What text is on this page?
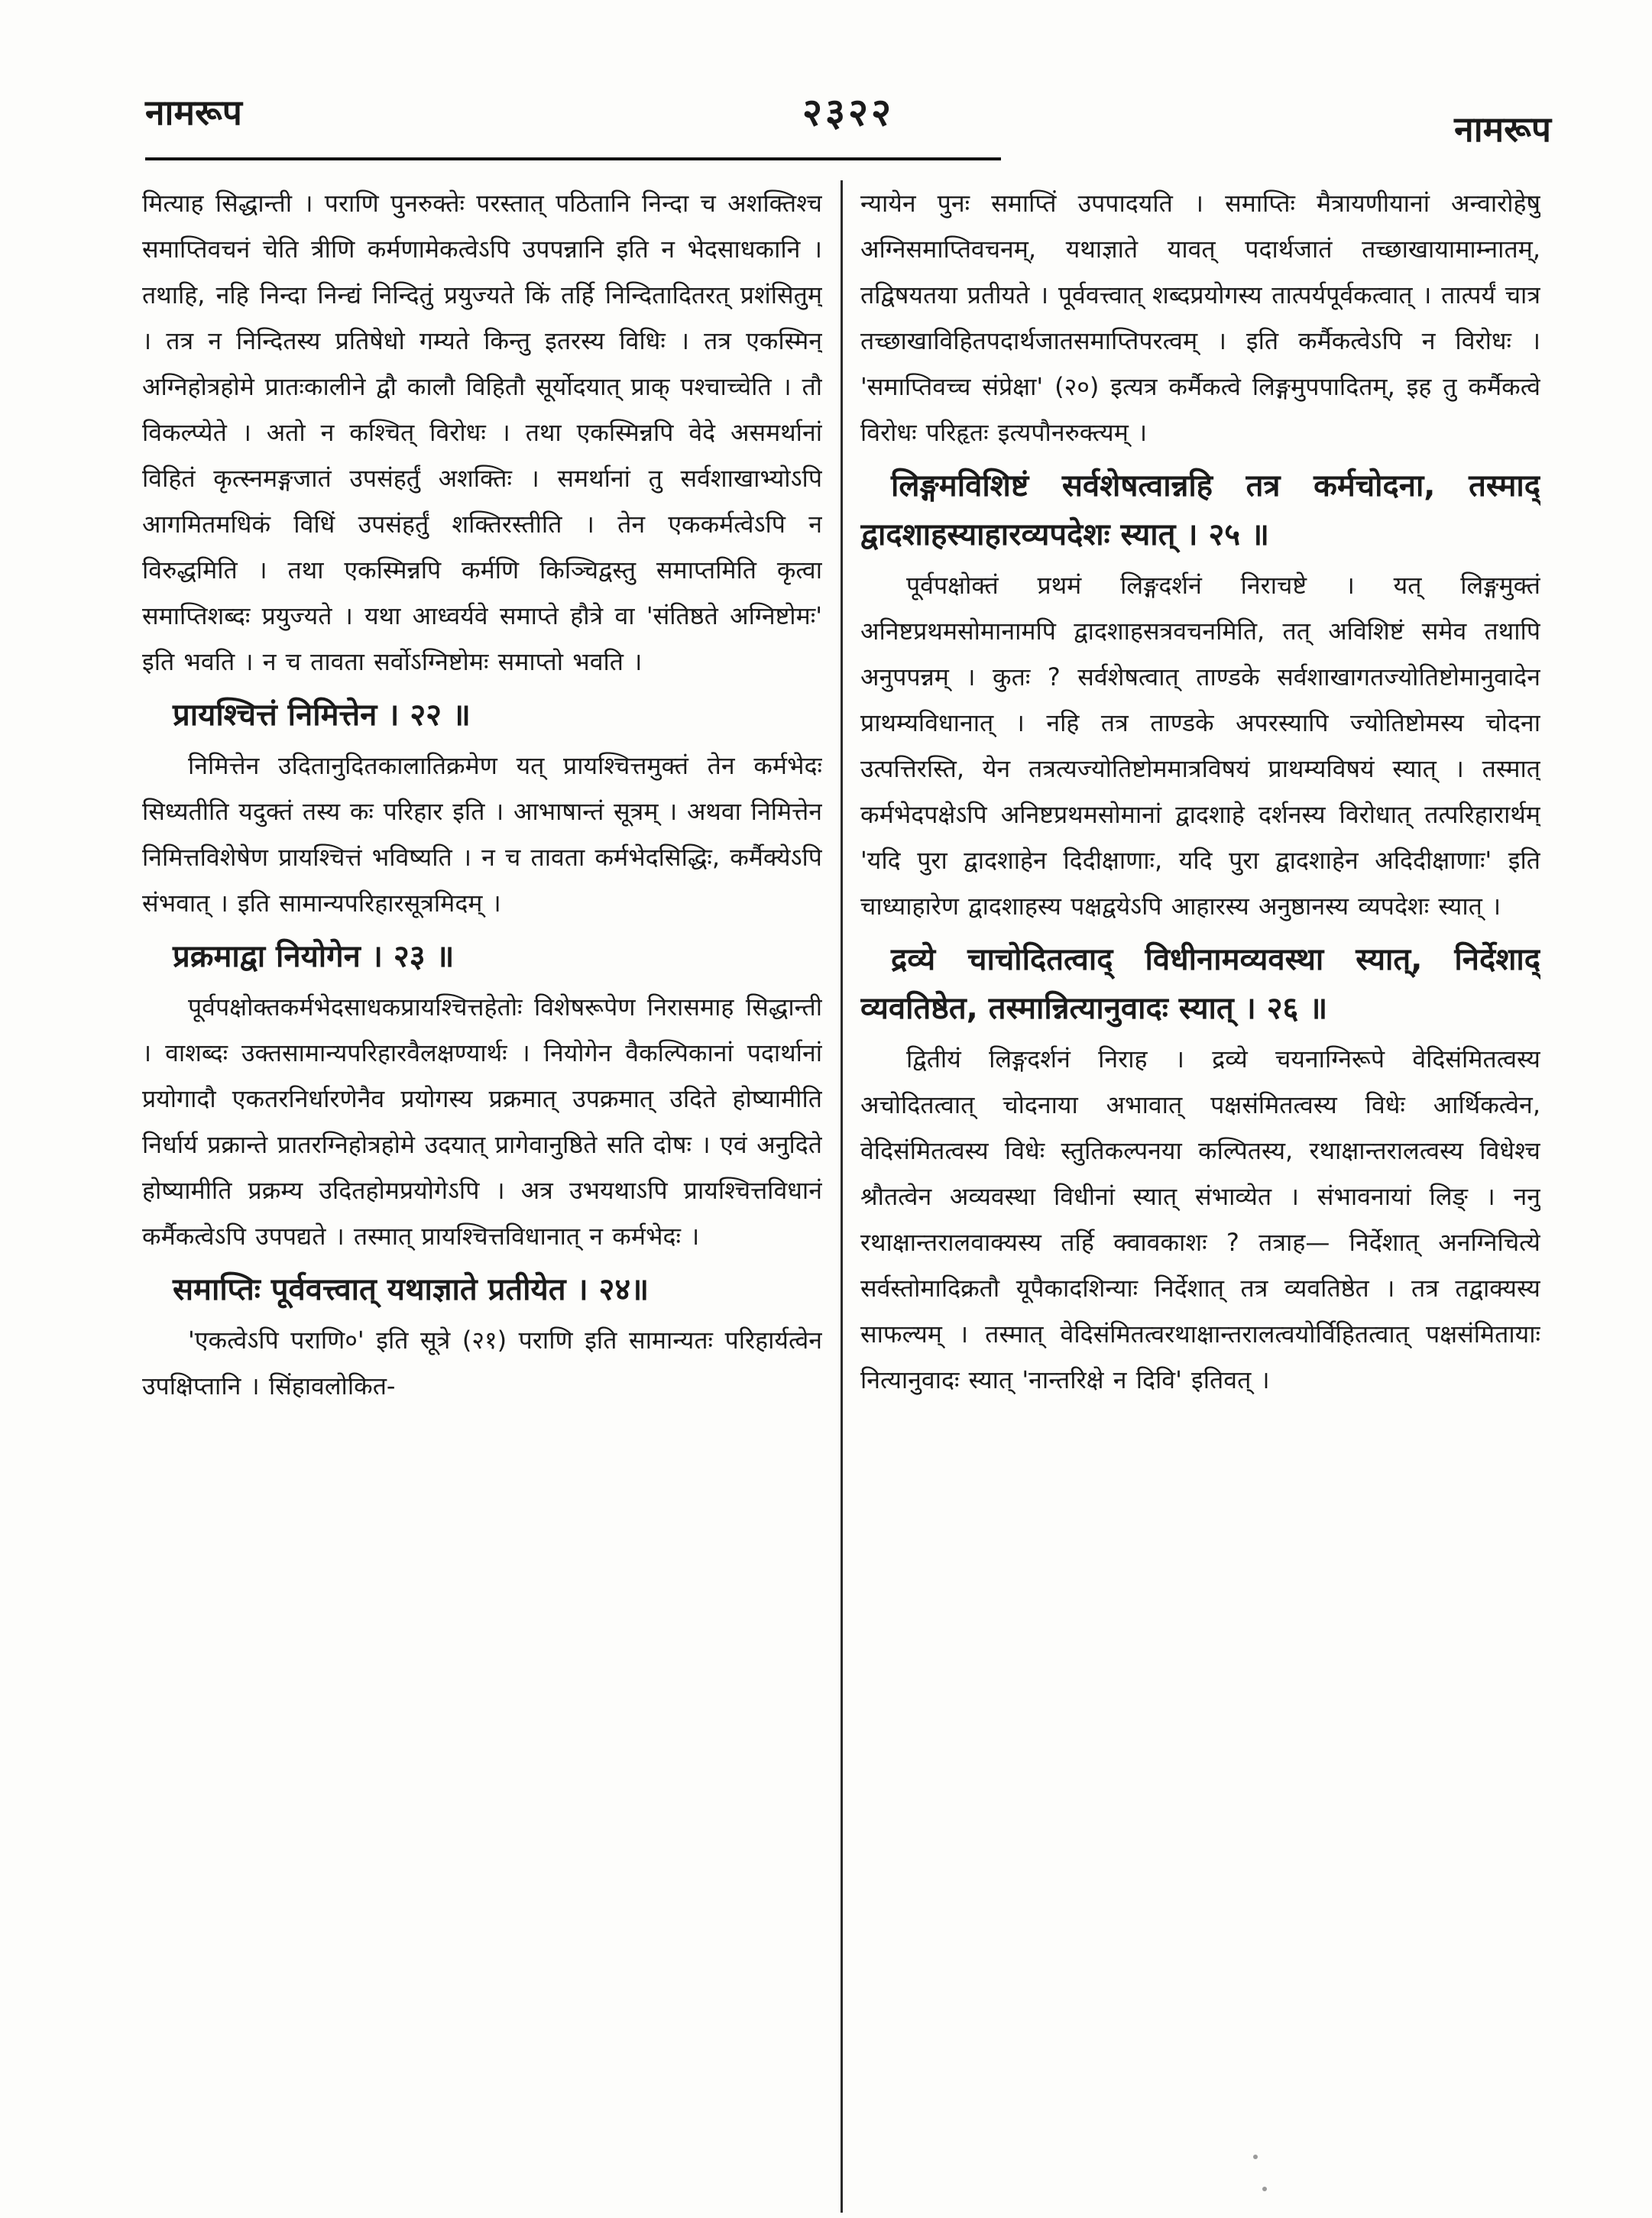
नामरूप	२३२२	नामरूप

मित्याह सिद्धान्ती । पराणि पुनरुक्तेः परस्तात् पठितानि निन्दा च अशक्तिश्च समाप्तिवचनं चेति त्रीणि कर्मणामेकत्वेऽपि उपपन्नानि इति न भेदसाधकानि । तथाहि, नहि निन्दा निन्द्यं निन्दितुं प्रयुज्यते किं तर्हि निन्दितादितरत् प्रशंसितुम् । तत्र न निन्दितस्य प्रतिषेधो गम्यते किन्तु इतरस्य विधिः । तत्र एकस्मिन् अग्निहोत्रहोमे प्रातःकालीने द्वौ कालौ विहितौ सूर्योदयात् प्राक् पश्चाच्चेति । तौ विकल्प्येते । अतो न कश्चित् विरोधः । तथा एकस्मिन्नपि वेदे असमर्थानां विहितं कृत्स्नमङ्गजातं उपसंहर्तुं अशक्तिः । समर्थानां तु सर्वशाखाभ्योऽपि आगमितमधिकं विधिं उपसंहर्तुं शक्तिरस्तीति । तेन एककर्मत्वेऽपि न विरुद्धमिति । तथा एकस्मिन्नपि कर्मणि किञ्चिद्वस्तु समाप्तमिति कृत्वा समाप्तिशब्दः प्रयुज्यते । यथा आध्वर्यवे समाप्ते हौत्रे वा 'संतिष्ठते अग्निष्टोमः' इति भवति । न च तावता सर्वोऽग्निष्टोमः समाप्तो भवति ।

प्रायश्चित्तं निमित्तेन । २२ ॥

निमित्तेन उदितानुदितकालातिक्रमेण यत् प्रायश्चित्तमुक्तं तेन कर्मभेदः सिध्यतीति यदुक्तं तस्य कः परिहार इति । आभाषान्तं सूत्रम् । अथवा निमित्तेन निमित्तविशेषेण प्रायश्चित्तं भविष्यति । न च तावता कर्मभेदसिद्धिः, कर्मैक्येऽपि संभवात् । इति सामान्यपरिहारसूत्रमिदम् ।

प्रक्रमाद्वा नियोगेन । २३ ॥

पूर्वपक्षोक्तकर्मभेदसाधकप्रायश्चित्तहेतोः विशेषरूपेण निरासमाह सिद्धान्ती । वाशब्दः उक्तसामान्यपरिहारवैलक्षण्यार्थः । नियोगेन वैकल्पिकानां पदार्थानां प्रयोगादौ एकतरनिर्धारणेनैव प्रयोगस्य प्रक्रमात् उपक्रमात् उदिते होष्यामीति निर्धार्य प्रक्रान्ते प्रातरग्निहोत्रहोमे उदयात् प्रागेवानुष्ठिते सति दोषः । एवं अनुदिते होष्यामीति प्रक्रम्य उदितहोमप्रयोगेऽपि । अत्र उभयथाऽपि प्रायश्चित्तविधानं कर्मैकत्वेऽपि उपपद्यते । तस्मात् प्रायश्चित्तविधानात् न कर्मभेदः ।

समाप्तिः पूर्ववत्त्वात् यथाज्ञाते प्रतीयेत । २४॥

'एकत्वेऽपि पराणि०' इति सूत्रे (२१) पराणि इति सामान्यतः परिहार्यत्वेन उपक्षिप्तानि । सिंहावलोकित-

न्यायेन पुनः समाप्तिं उपपादयति । समाप्तिः मैत्रायणीयानां अन्वारोहेषु अग्निसमाप्तिवचनम्, यथाज्ञाते यावत् पदार्थजातं तच्छाखायामाम्नातम्, तद्विषयतया प्रतीयते । पूर्ववत्त्वात् शब्दप्रयोगस्य तात्पर्यपूर्वकत्वात् । तात्पर्यं चात्र तच्छाखाविहितपदार्थजातसमाप्तिपरत्वम् । इति कर्मैकत्वेऽपि न विरोधः । 'समाप्तिवच्च संप्रेक्षा' (२०) इत्यत्र कर्मैकत्वे लिङ्गमुपपादितम्, इह तु कर्मैकत्वे विरोधः परिहृतः इत्यपौनरुक्त्यम् ।

लिङ्गमविशिष्टं सर्वशेषत्वान्नहि तत्र कर्मचोदना, तस्माद् द्वादशाहस्याहारव्यपदेशः स्यात् । २५ ॥

पूर्वपक्षोक्तं प्रथमं लिङ्गदर्शनं निराचष्टे । यत् लिङ्गमुक्तं अनिष्टप्रथमसोमानामपि द्वादशाहसत्रवचनमिति, तत् अविशिष्टं समेव तथापि अनुपपन्नम् । कुतः ? सर्वशेषत्वात् ताण्डके सर्वशाखागतज्योतिष्टोमानुवादेन प्राथम्यविधानात् । नहि तत्र ताण्डके अपरस्यापि ज्योतिष्टोमस्य चोदना उत्पत्तिरस्ति, येन तत्रत्यज्योतिष्टोममात्रविषयं प्राथम्यविषयं स्यात् । तस्मात् कर्मभेदपक्षेऽपि अनिष्टप्रथमसोमानां द्वादशाहे दर्शनस्य विरोधात् तत्परिहारार्थम् 'यदि पुरा द्वादशाहेन दिदीक्षाणाः, यदि पुरा द्वादशाहेन अदिदीक्षाणाः' इति चाध्याहारेण द्वादशाहस्य पक्षद्वयेऽपि आहारस्य अनुष्ठानस्य व्यपदेशः स्यात् ।

द्रव्ये चाचोदितत्वाद् विधीनामव्यवस्था स्यात्, निर्देशाद् व्यवतिष्ठेत, तस्मान्नित्यानुवादः स्यात् । २६ ॥

द्वितीयं लिङ्गदर्शनं निराह । द्रव्ये चयनाग्निरूपे वेदिसंमितत्वस्य अचोदितत्वात् चोदनाया अभावात् पक्षसंमितत्वस्य विधेः आर्थिकत्वेन, वेदिसंमितत्वस्य विधेः स्तुतिकल्पनया कल्पितस्य, रथाक्षान्तरालत्वस्य विधेश्च श्रौतत्वेन अव्यवस्था विधीनां स्यात् संभाव्येत । संभावनायां लिङ् । ननु रथाक्षान्तरालवाक्यस्य तर्हि क्वावकाशः ? तत्राह— निर्देशात् अनग्निचित्ये सर्वस्तोमादिक्रतौ यूपैकादशिन्याः निर्देशात् तत्र व्यवतिष्ठेत । तत्र तद्वाक्यस्य साफल्यम् । तस्मात् वेदिसंमितत्वरथाक्षान्तरालत्वयोर्विहितत्वात् पक्षसंमितायाः नित्यानुवादः स्यात् 'नान्तरिक्षे न दिवि' इतिवत् ।
